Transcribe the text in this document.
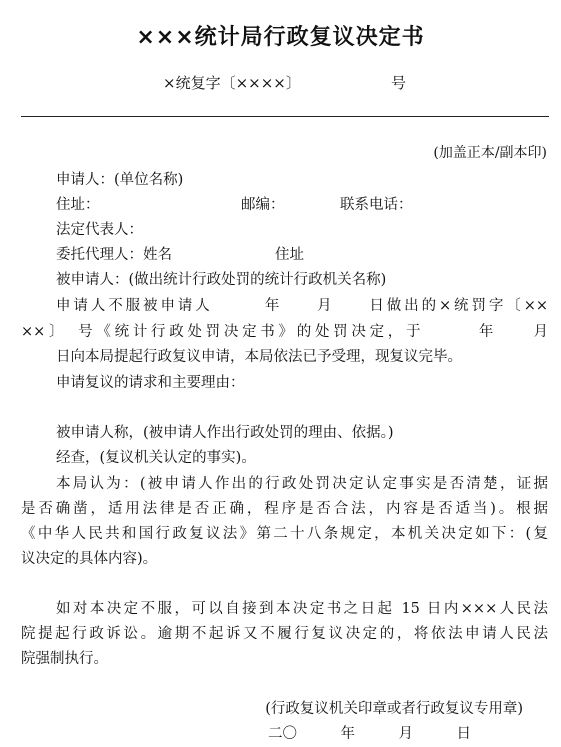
×××统计局行政复议决定书
×统复字〔××××〕	号
(加盖正本/副本印)
申请人：(单位名称)
住址：	邮编：	联系电话：
法定代表人：
委托代理人：姓名	住址
被申请人：(做出统计行政处罚的统计行政机关名称)
申请人不服被申请人　　　年　　月　　日做出的×统罚字〔××
××〕　号《统计行政处罚决定书》的处罚决定，于　　　年　　月
日向本局提起行政复议申请，本局依法已予受理，现复议完毕。
申请复议的请求和主要理由：
被申请人称，(被申请人作出行政处罚的理由、依据。)
经查，(复议机关认定的事实)。
本局认为：(被申请人作出的行政处罚决定认定事实是否清楚，证据
是否确凿，适用法律是否正确，程序是否合法，内容是否适当)。根据
《中华人民共和国行政复议法》第二十八条规定，本机关决定如下：(复
议决定的具体内容)。
如对本决定不服，可以自接到本决定书之日起 15 日内×××人民法
院提起行政诉讼。逾期不起诉又不履行复议决定的，将依法申请人民法
院强制执行。
(行政复议机关印章或者行政复议专用章)
二〇　　　年　　　月　　　日
